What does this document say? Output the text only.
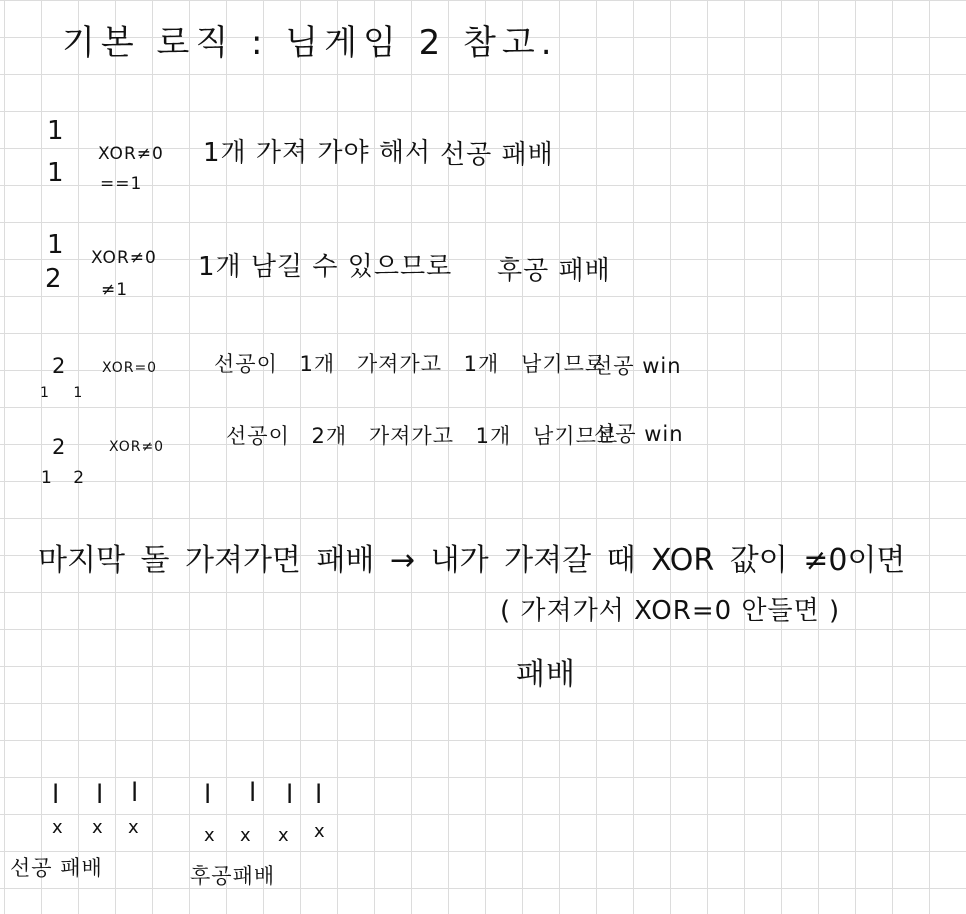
기본 로직 : 님게임 2 참고.
1
1
XOR≠0
==1
1개 가져 가야 해서 선공 패배
1
2
XOR≠0
≠1
1개 남길 수 있으므로 후공 패배
2
1 1
XOR=0	선공이 1개 가져가고 1개 남기므로
선공 win
2
1 2
XOR≠0	선공이 2개 가져가고 1개 남기므로
선공 win
마지막 돌 가져가면 패배 → 내가 가져갈 때 XOR 값이 ≠0이면
( 가져가서 XOR=0 안들면 )
패배
l l l
x x x
선공 패배
l l l l
x x x x
후공패배
